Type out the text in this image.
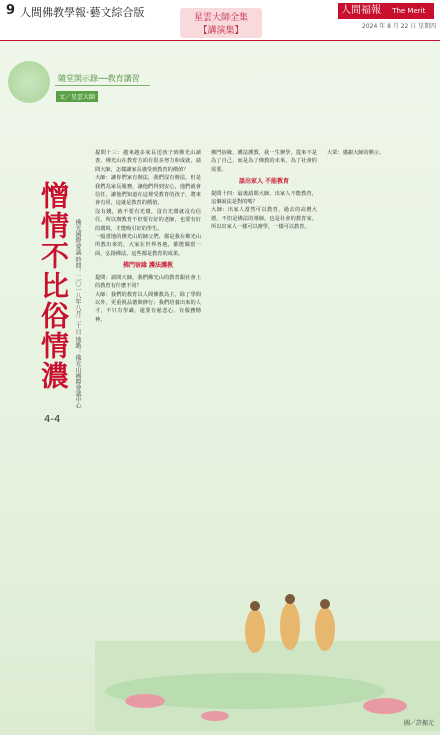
9 人間佛教學報‧藝文綜合版	星雲大師全集
【講演集】
人間福報 The Merit Times 2024 年 8 月 22 日 星期四
隨堂開示錄──教育講習
文／星雲大師
憎情不比俗情濃 佛光國際會議 時間：二〇一八年八月二十日 地點：佛光山國際會議中心
4-4

提問十三：越來越多家長送孩子到佛光山讀書，佛光山在教育方面有很多努力和成就，請問大師，怎樣讓家長感受到教育的價值？

大師：讓你們家有辦法，我們沒有辦法，但是我們為家長服務，讓他們得到安心，他們就會信任，讓他們知道在這裡受教育的孩子，將來會有用，這就是教育的價值。

沒有錢，就不要有光環，沒有光環就沒有信任。所以辦教育不但要有好的老師，也要有好的環境，才能吸引好的學生。

一般當地的佛光山的師父們，都是我在佛光山所教出來的，大家在世界各地，都能獨當一面，弘揚佛法。這些都是教育的成果。

佛門宿緣 護法護教

提問：請問大師，我們佛光山的教育跟社會上的教育有什麼不同？

大師：我們的教育以人間佛教為主，除了學問以外，更重視品德與修行；我們培養出來的人才，不只有學識，還要有慈悲心、有服務精神。

佛門宿緣，護法護教，我一生辦學，從來不是為了自己，而是為了佛教的未來，為了社會的需要。

談出家人 不能教育

提問十四：最後請問大師，出家人不能教育，這個說法是對的嗎？

大師：出家人當然可以教育，過去的高僧大德，不但是佛法的導師，也是社會的教育家。所以出家人一樣可以辦學，一樣可以教育。

大眾：感謝大師的開示。

圖／許振元
